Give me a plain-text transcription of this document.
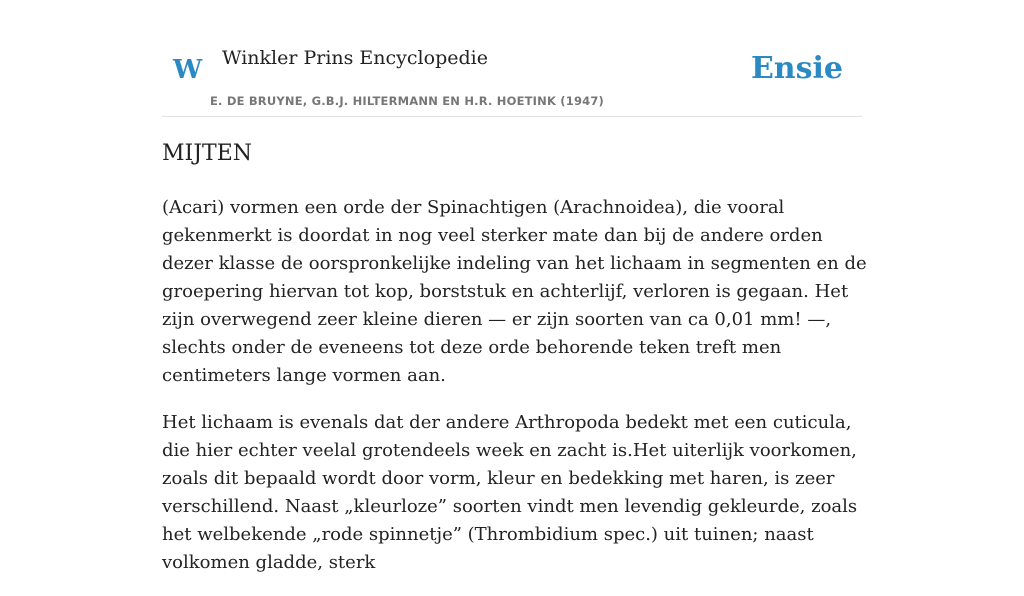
W Winkler Prins Encyclopedie
E. DE BRUYNE, G.B.J. HILTERMANN EN H.R. HOETINK (1947)
Ensie
MIJTEN

(Acari) vormen een orde der Spinachtigen (Arachnoidea), die vooral gekenmerkt is doordat in nog veel sterker mate dan bij de andere orden dezer klasse de oorspronkelijke indeling van het lichaam in segmenten en de groepering hiervan tot kop, borststuk en achterlijf, verloren is gegaan. Het zijn overwegend zeer kleine dieren — er zijn soorten van ca 0,01 mm! —, slechts onder de eveneens tot deze orde behorende teken treft men centimeters lange vormen aan.

Het lichaam is evenals dat der andere Arthropoda bedekt met een cuticula, die hier echter veelal grotendeels week en zacht is.Het uiterlijk voorkomen, zoals dit bepaald wordt door vorm, kleur en bedekking met haren, is zeer verschillend. Naast „kleurloze” soorten vindt men levendig gekleurde, zoals het welbekende „rode spinnetje” (Thrombidium spec.) uit tuinen; naast volkomen gladde, sterk
